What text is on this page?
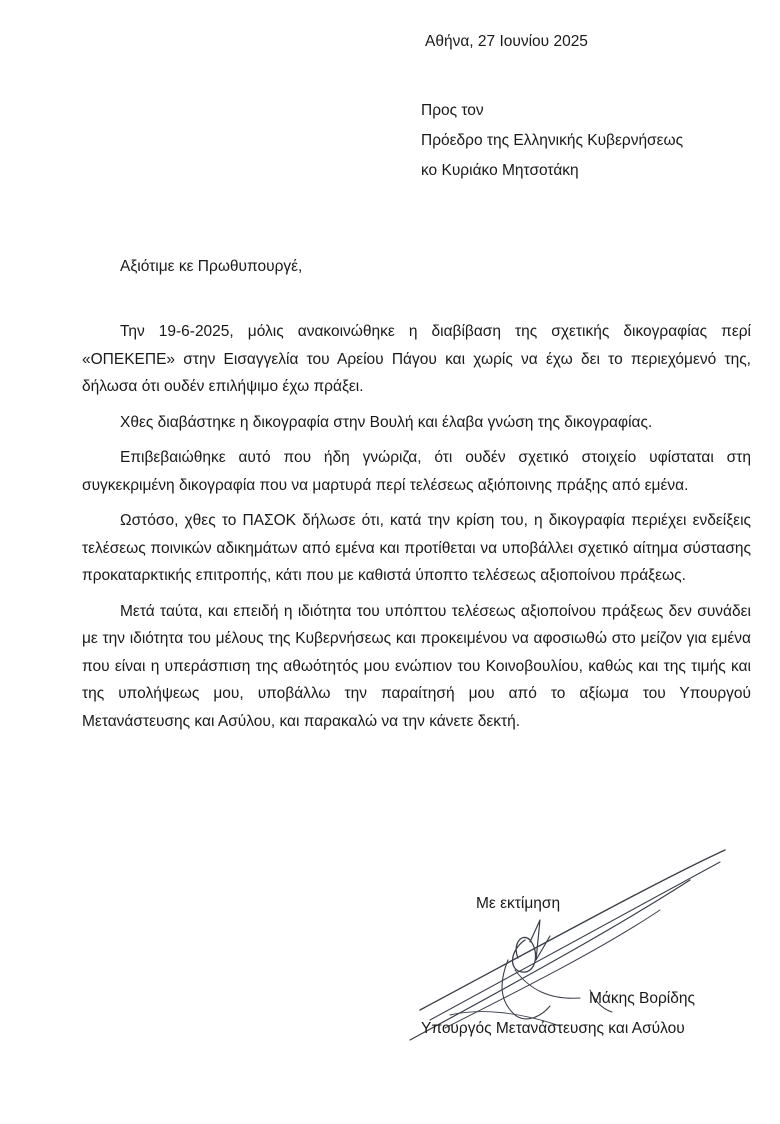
Αθήνα, 27 Ιουνίου 2025
Προς τον
Πρόεδρο της Ελληνικής Κυβερνήσεως
κο Κυριάκο Μητσοτάκη
Αξιότιμε κε Πρωθυπουργέ,

Την 19-6-2025, μόλις ανακοινώθηκε η διαβίβαση της σχετικής δικογραφίας περί «ΟΠΕΚΕΠΕ» στην Εισαγγελία του Αρείου Πάγου και χωρίς να έχω δει το περιεχόμενό της, δήλωσα ότι ουδέν επιλήψιμο έχω πράξει.

Χθες διαβάστηκε η δικογραφία στην Βουλή και έλαβα γνώση της δικογραφίας.

Επιβεβαιώθηκε αυτό που ήδη γνώριζα, ότι ουδέν σχετικό στοιχείο υφίσταται στη συγκεκριμένη δικογραφία που να μαρτυρά περί τελέσεως αξιόποινης πράξης από εμένα.

Ωστόσο, χθες το ΠΑΣΟΚ δήλωσε ότι, κατά την κρίση του, η δικογραφία περιέχει ενδείξεις τελέσεως ποινικών αδικημάτων από εμένα και προτίθεται να υποβάλλει σχετικό αίτημα σύστασης προκαταρκτικής επιτροπής, κάτι που με καθιστά ύποπτο τελέσεως αξιοποίνου πράξεως.

Μετά ταύτα, και επειδή η ιδιότητα του υπόπτου τελέσεως αξιοποίνου πράξεως δεν συνάδει με την ιδιότητα του μέλους της Κυβερνήσεως και προκειμένου να αφοσιωθώ στο μείζον για εμένα που είναι η υπεράσπιση της αθωότητός μου ενώπιον του Κοινοβουλίου, καθώς και της τιμής και της υπολήψεως μου, υποβάλλω την παραίτησή μου από το αξίωμα του Υπουργού Μετανάστευσης και Ασύλου, και παρακαλώ να την κάνετε δεκτή.

Με εκτίμηση
Μάκης Βορίδης
Υπουργός Μετανάστευσης και Ασύλου
